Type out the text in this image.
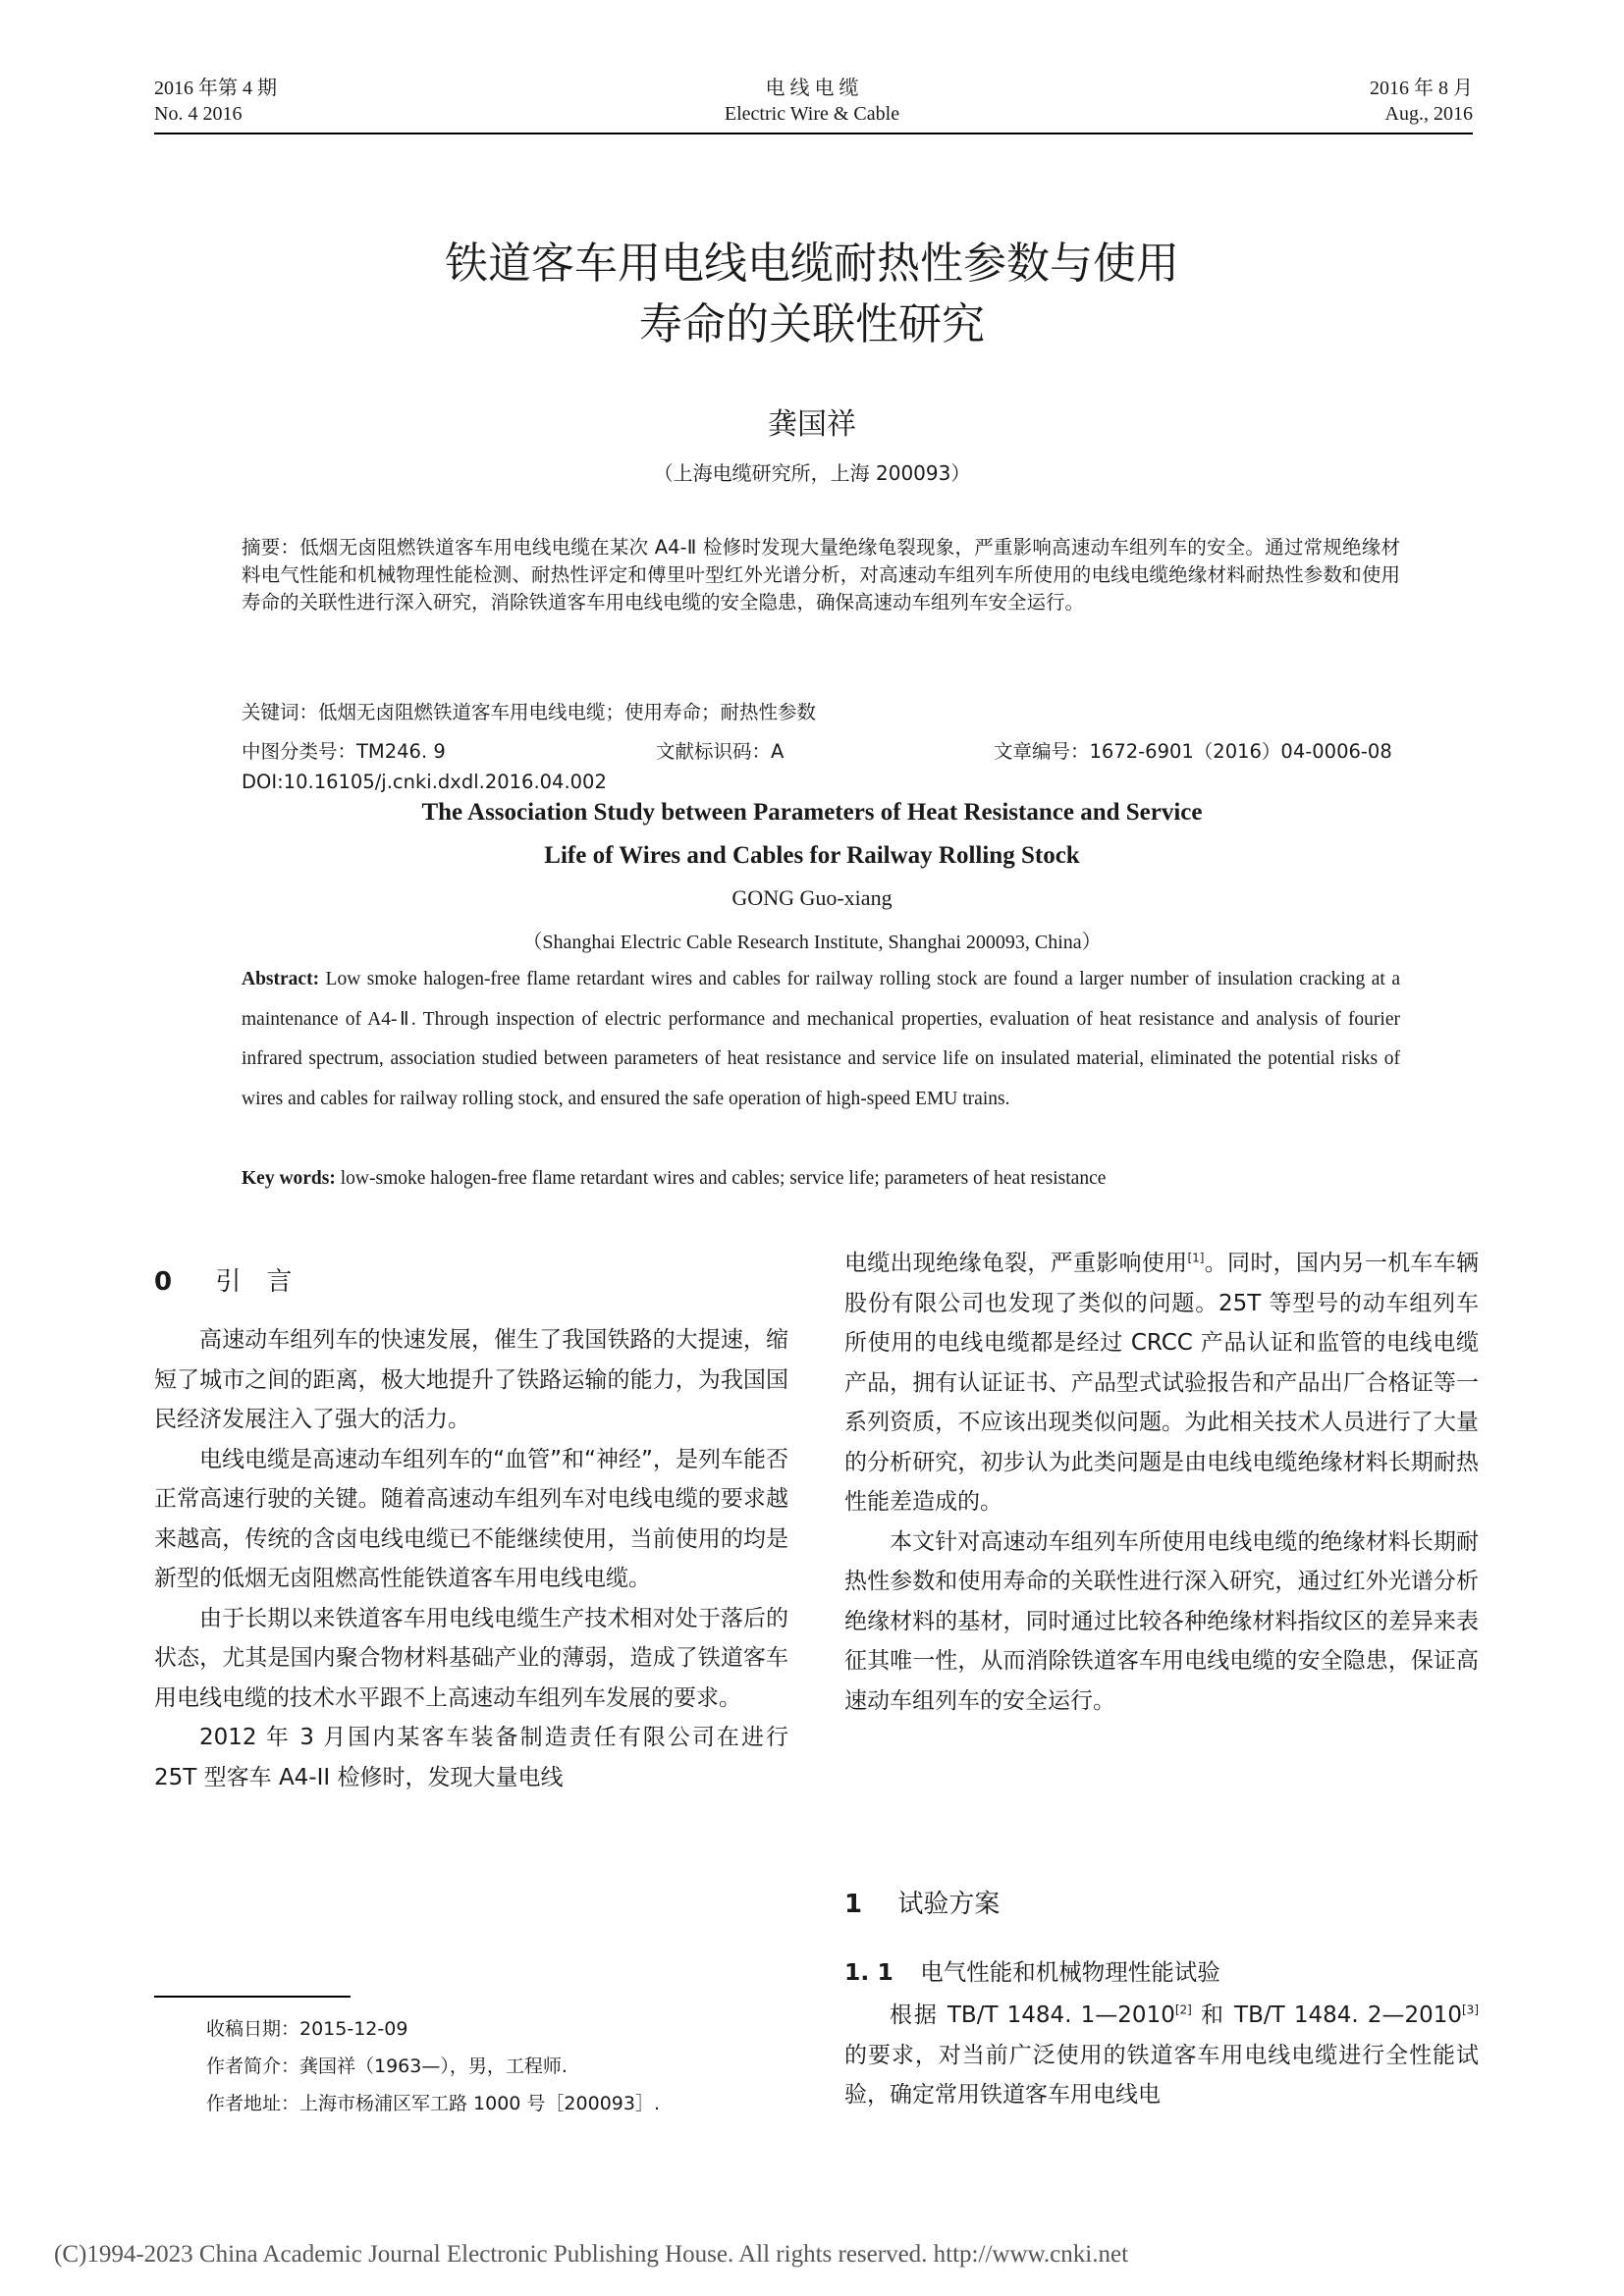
2016 年第 4 期
No. 4 2016
电 线 电 缆
Electric Wire & Cable
2016 年 8 月
Aug., 2016
铁道客车用电线电缆耐热性参数与使用
寿命的关联性研究
龚国祥
（上海电缆研究所，上海 200093）
摘要：低烟无卤阻燃铁道客车用电线电缆在某次 A4-Ⅱ 检修时发现大量绝缘龟裂现象，严重影响高速动车组列车的安全。通过常规绝缘材料电气性能和机械物理性能检测、耐热性评定和傅里叶型红外光谱分析，对高速动车组列车所使用的电线电缆绝缘材料耐热性参数和使用寿命的关联性进行深入研究，消除铁道客车用电线电缆的安全隐患，确保高速动车组列车安全运行。
关键词：低烟无卤阻燃铁道客车用电线电缆；使用寿命；耐热性参数
中图分类号：TM246. 9	文献标识码：A	文章编号：1672-6901（2016）04-0006-08
DOI:10.16105/j.cnki.dxdl.2016.04.002
The Association Study between Parameters of Heat Resistance and Service
Life of Wires and Cables for Railway Rolling Stock
GONG Guo-xiang
（Shanghai Electric Cable Research Institute, Shanghai 200093, China）
Abstract: Low smoke halogen-free flame retardant wires and cables for railway rolling stock are found a larger number of insulation cracking at a maintenance of A4-Ⅱ. Through inspection of electric performance and mechanical properties, evaluation of heat resistance and analysis of fourier infrared spectrum, association studied between parameters of heat resistance and service life on insulated material, eliminated the potential risks of wires and cables for railway rolling stock, and ensured the safe operation of high-speed EMU trains.
Key words: low-smoke halogen-free flame retardant wires and cables; service life; parameters of heat resistance
0 引　言

高速动车组列车的快速发展，催生了我国铁路的大提速，缩短了城市之间的距离，极大地提升了铁路运输的能力，为我国国民经济发展注入了强大的活力。

电线电缆是高速动车组列车的“血管”和“神经”，是列车能否正常高速行驶的关键。随着高速动车组列车对电线电缆的要求越来越高，传统的含卤电线电缆已不能继续使用，当前使用的均是新型的低烟无卤阻燃高性能铁道客车用电线电缆。

由于长期以来铁道客车用电线电缆生产技术相对处于落后的状态，尤其是国内聚合物材料基础产业的薄弱，造成了铁道客车用电线电缆的技术水平跟不上高速动车组列车发展的要求。

2012 年 3 月国内某客车装备制造责任有限公司在进行 25T 型客车 A4-II 检修时，发现大量电线

收稿日期：2015-12-09
作者简介：龚国祥（1963—），男，工程师.
作者地址：上海市杨浦区军工路 1000 号［200093］.

电缆出现绝缘龟裂，严重影响使用[1]。同时，国内另一机车车辆股份有限公司也发现了类似的问题。25T 等型号的动车组列车所使用的电线电缆都是经过 CRCC 产品认证和监管的电线电缆产品，拥有认证证书、产品型式试验报告和产品出厂合格证等一系列资质，不应该出现类似问题。为此相关技术人员进行了大量的分析研究，初步认为此类问题是由电线电缆绝缘材料长期耐热性能差造成的。

本文针对高速动车组列车所使用电线电缆的绝缘材料长期耐热性参数和使用寿命的关联性进行深入研究，通过红外光谱分析绝缘材料的基材，同时通过比较各种绝缘材料指纹区的差异来表征其唯一性，从而消除铁道客车用电线电缆的安全隐患，保证高速动车组列车的安全运行。

1 试验方案
1. 1 电气性能和机械物理性能试验

根据 TB/T 1484. 1—2010[2] 和 TB/T 1484. 2—2010[3] 的要求，对当前广泛使用的铁道客车用电线电缆进行全性能试验，确定常用铁道客车用电线电

(C)1994-2023 China Academic Journal Electronic Publishing House. All rights reserved. http://www.cnki.net
